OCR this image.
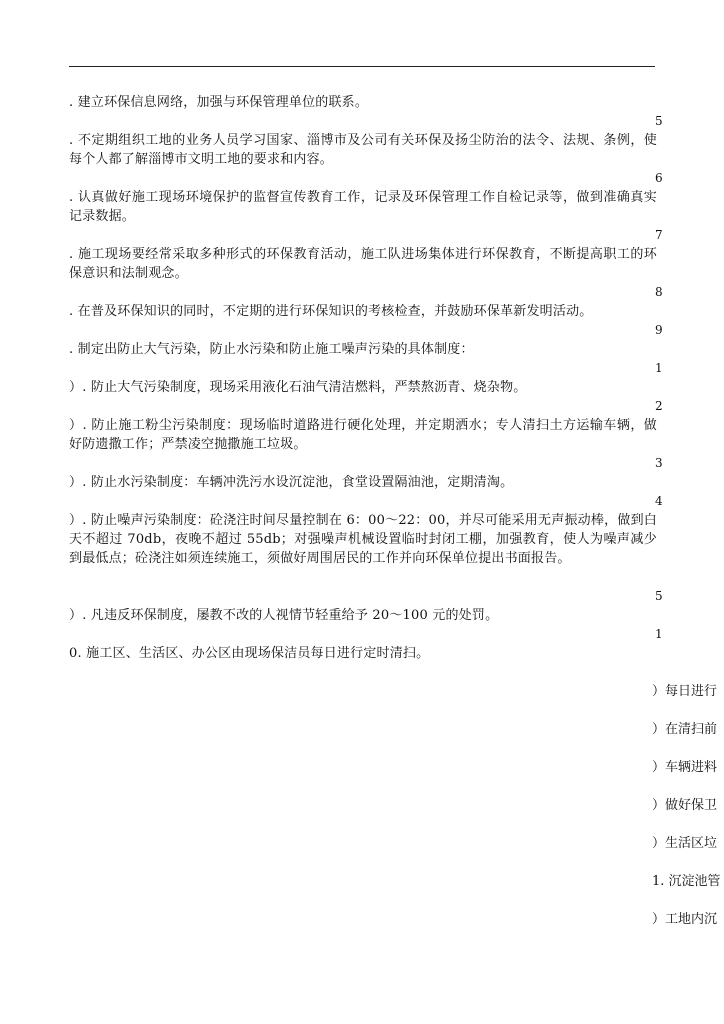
. 建立环保信息网络，加强与环保管理单位的联系。

5

. 不定期组织工地的业务人员学习国家、淄博市及公司有关环保及扬尘防治的法令、法规、条例，使每个人都了解淄博市文明工地的要求和内容。

6

. 认真做好施工现场环境保护的监督宣传教育工作，记录及环保管理工作自检记录等，做到准确真实记录数据。

7

. 施工现场要经常采取多种形式的环保教育活动，施工队进场集体进行环保教育，不断提高职工的环保意识和法制观念。

8

. 在普及环保知识的同时，不定期的进行环保知识的考核检查，并鼓励环保革新发明活动。

9

. 制定出防止大气污染，防止水污染和防止施工噪声污染的具体制度：

1

）. 防止大气污染制度，现场采用液化石油气清洁燃料，严禁熬沥青、烧杂物。

2

）. 防止施工粉尘污染制度：现场临时道路进行硬化处理，并定期洒水；专人清扫土方运输车辆，做好防遗撒工作；严禁凌空抛撒施工垃圾。

3

）. 防止水污染制度：车辆冲洗污水设沉淀池，食堂设置隔油池，定期清淘。

4

）. 防止噪声污染制度：砼浇注时间尽量控制在 6：00～22：00，并尽可能采用无声振动棒，做到白天不超过 70db，夜晚不超过 55db；对强噪声机械设置临时封闭工棚，加强教育，使人为噪声减少到最低点；砼浇注如须连续施工，须做好周围居民的工作并向环保单位提出书面报告。

5

）. 凡违反环保制度，屡教不改的人视情节轻重给予 20～100 元的处罚。

1

0. 施工区、生活区、办公区由现场保洁员每日进行定时清扫。

）每日进行
）在清扫前
）车辆进料
）做好保卫
）生活区垃
1. 沉淀池管
）工地内沉
